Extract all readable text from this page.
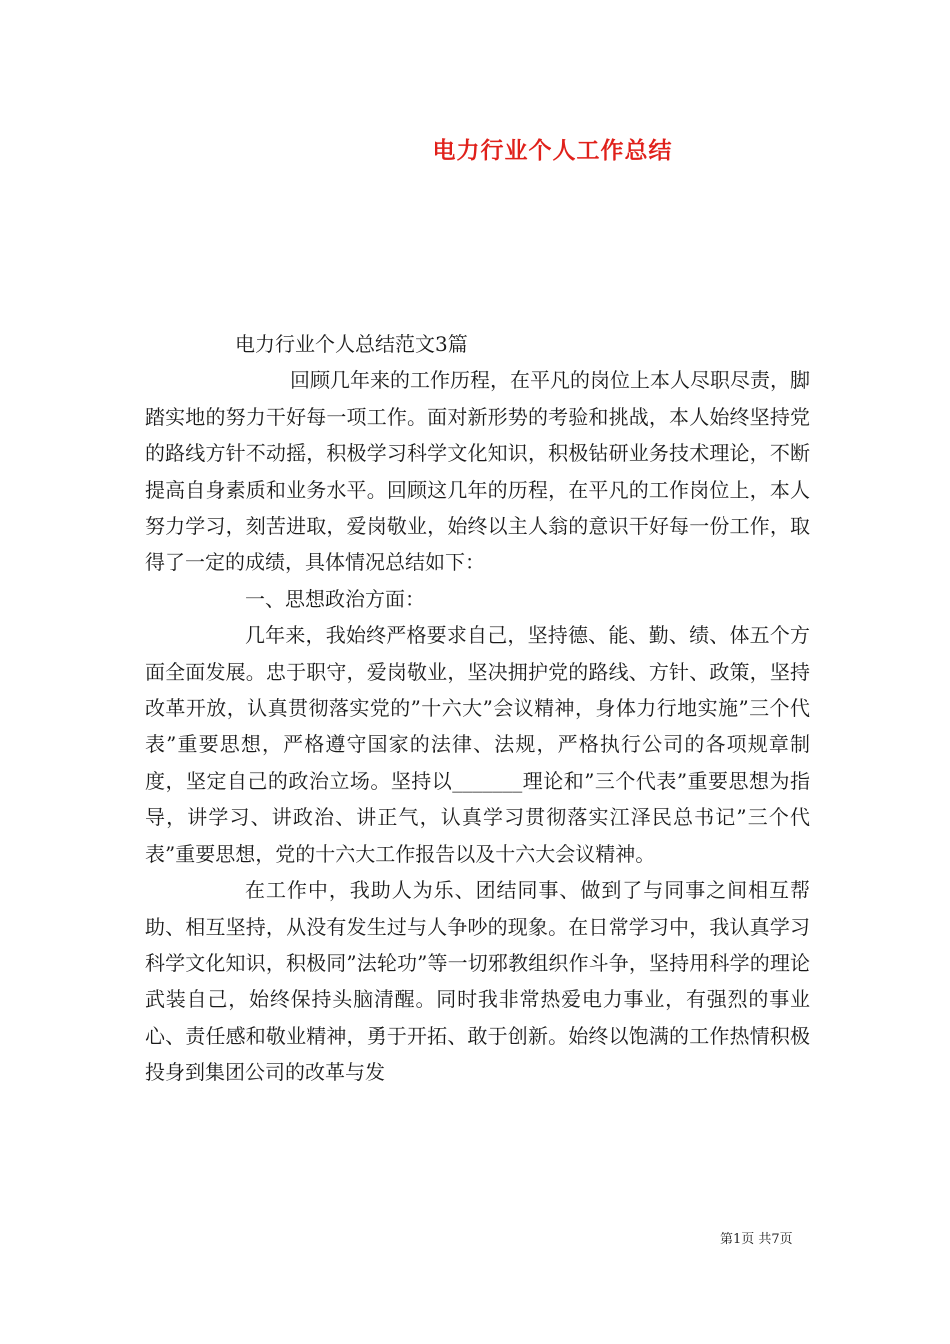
电力行业个人工作总结

电力行业个人总结范文3篇

回顾几年来的工作历程，在平凡的岗位上本人尽职尽责，脚踏实地的努力干好每一项工作。面对新形势的考验和挑战，本人始终坚持党的路线方针不动摇，积极学习科学文化知识，积极钻研业务技术理论，不断提高自身素质和业务水平。回顾这几年的历程，在平凡的工作岗位上，本人努力学习，刻苦进取，爱岗敬业，始终以主人翁的意识干好每一份工作，取得了一定的成绩，具体情况总结如下：

一、思想政治方面：

几年来，我始终严格要求自己，坚持德、能、勤、绩、体五个方面全面发展。忠于职守，爱岗敬业，坚决拥护党的路线、方针、政策，坚持改革开放，认真贯彻落实党的”十六大”会议精神，身体力行地实施”三个代表”重要思想，严格遵守国家的法律、法规，严格执行公司的各项规章制度，坚定自己的政治立场。坚持以_______理论和”三个代表”重要思想为指导，讲学习、讲政治、讲正气，认真学习贯彻落实江泽民总书记”三个代表”重要思想，党的十六大工作报告以及十六大会议精神。

在工作中，我助人为乐、团结同事、做到了与同事之间相互帮助、相互坚持，从没有发生过与人争吵的现象。在日常学习中，我认真学习科学文化知识，积极同”法轮功”等一切邪教组织作斗争，坚持用科学的理论武装自己，始终保持头脑清醒。同时我非常热爱电力事业，有强烈的事业心、责任感和敬业精神，勇于开拓、敢于创新。始终以饱满的工作热情积极投身到集团公司的改革与发

第1页 共7页
